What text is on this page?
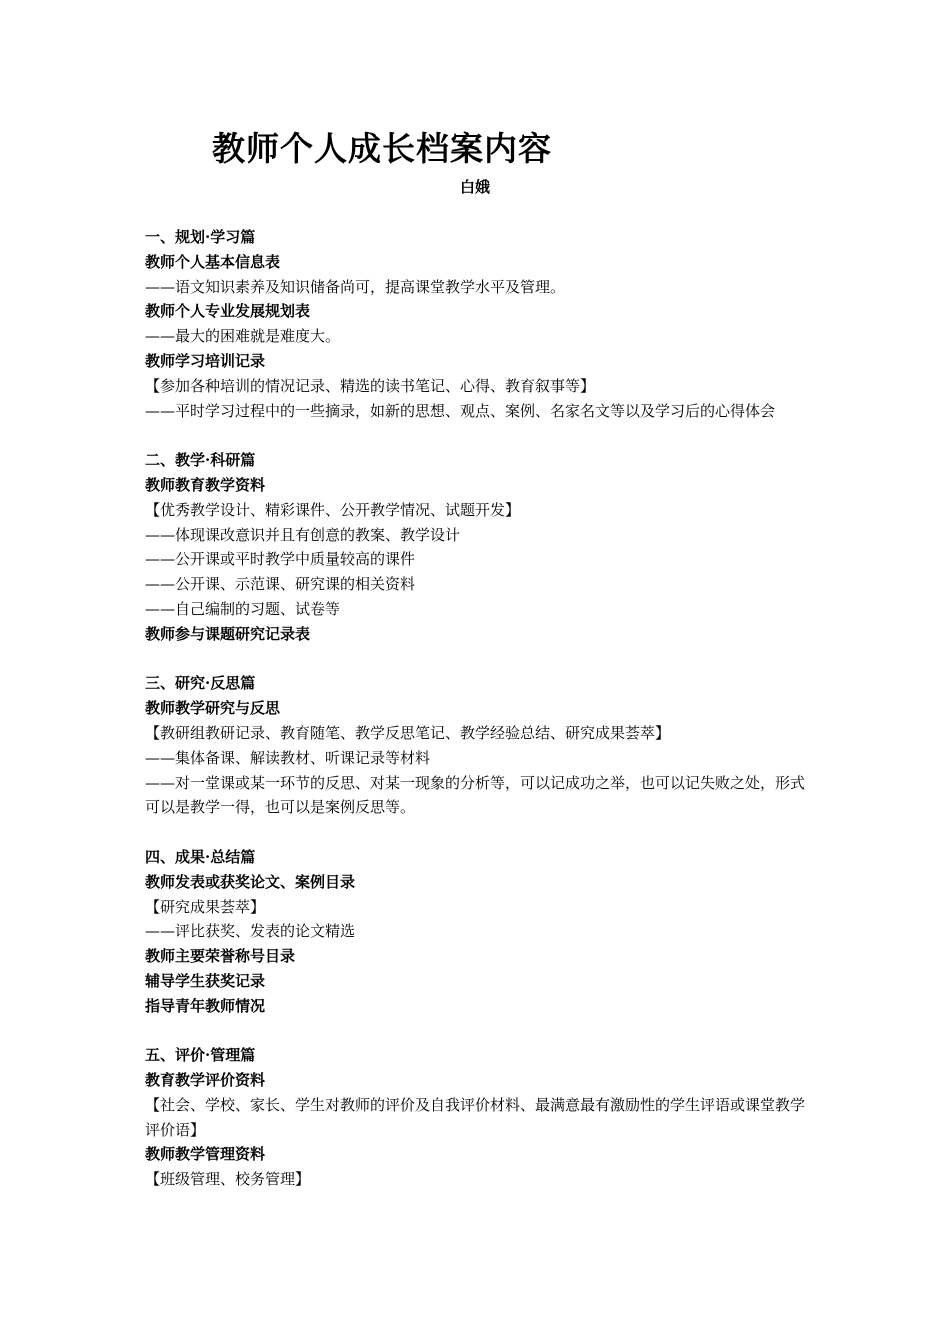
教师个人成长档案内容
白娥
一、规划·学习篇
教师个人基本信息表
——语文知识素养及知识储备尚可，提高课堂教学水平及管理。
教师个人专业发展规划表
——最大的困难就是难度大。
教师学习培训记录
【参加各种培训的情况记录、精选的读书笔记、心得、教育叙事等】
——平时学习过程中的一些摘录，如新的思想、观点、案例、名家名文等以及学习后的心得体会
二、教学·科研篇
教师教育教学资料
【优秀教学设计、精彩课件、公开教学情况、试题开发】
——体现课改意识并且有创意的教案、教学设计
——公开课或平时教学中质量较高的课件
——公开课、示范课、研究课的相关资料
——自己编制的习题、试卷等
教师参与课题研究记录表
三、研究·反思篇
教师教学研究与反思
【教研组教研记录、教育随笔、教学反思笔记、教学经验总结、研究成果荟萃】
——集体备课、解读教材、听课记录等材料
——对一堂课或某一环节的反思、对某一现象的分析等，可以记成功之举，也可以记失败之处，形式可以是教学一得，也可以是案例反思等。
四、成果·总结篇
教师发表或获奖论文、案例目录
【研究成果荟萃】
——评比获奖、发表的论文精选
教师主要荣誉称号目录
辅导学生获奖记录
指导青年教师情况
五、评价·管理篇
教育教学评价资料
【社会、学校、家长、学生对教师的评价及自我评价材料、最满意最有激励性的学生评语或课堂教学评价语】
教师教学管理资料
【班级管理、校务管理】
